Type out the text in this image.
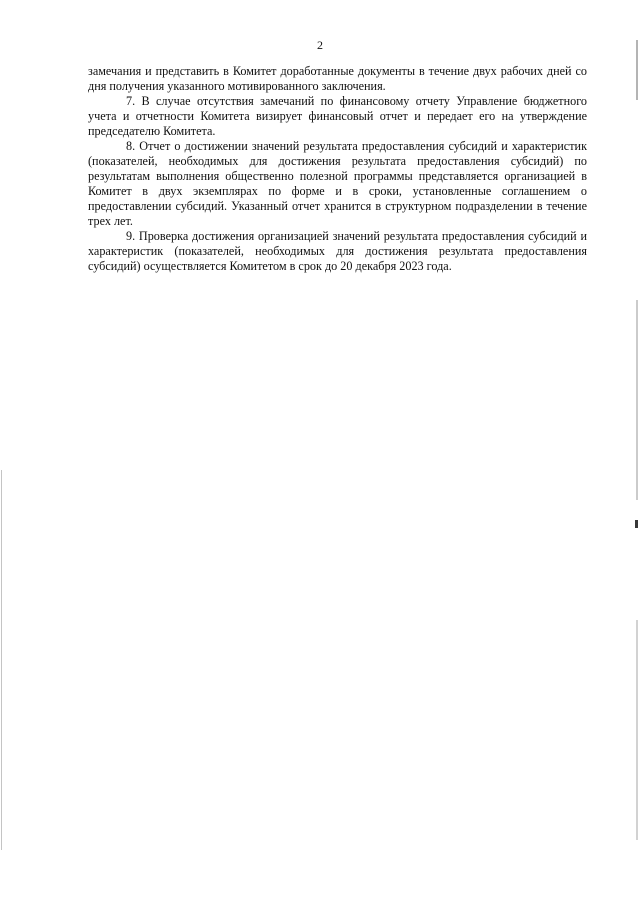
2

замечания и представить в Комитет доработанные документы в течение двух рабочих дней со дня получения указанного мотивированного заключения.

7. В случае отсутствия замечаний по финансовому отчету Управление бюджетного учета и отчетности Комитета визирует финансовый отчет и передает его на утверждение председателю Комитета.

8. Отчет о достижении значений результата предоставления субсидий и характеристик (показателей, необходимых для достижения результата предоставления субсидий) по результатам выполнения общественно полезной программы представляется организацией в Комитет в двух экземплярах по форме и в сроки, установленные соглашением о предоставлении субсидий. Указанный отчет хранится в структурном подразделении в течение трех лет.

9. Проверка достижения организацией значений результата предоставления субсидий и характеристик (показателей, необходимых для достижения результата предоставления субсидий) осуществляется Комитетом в срок до 20 декабря 2023 года.
